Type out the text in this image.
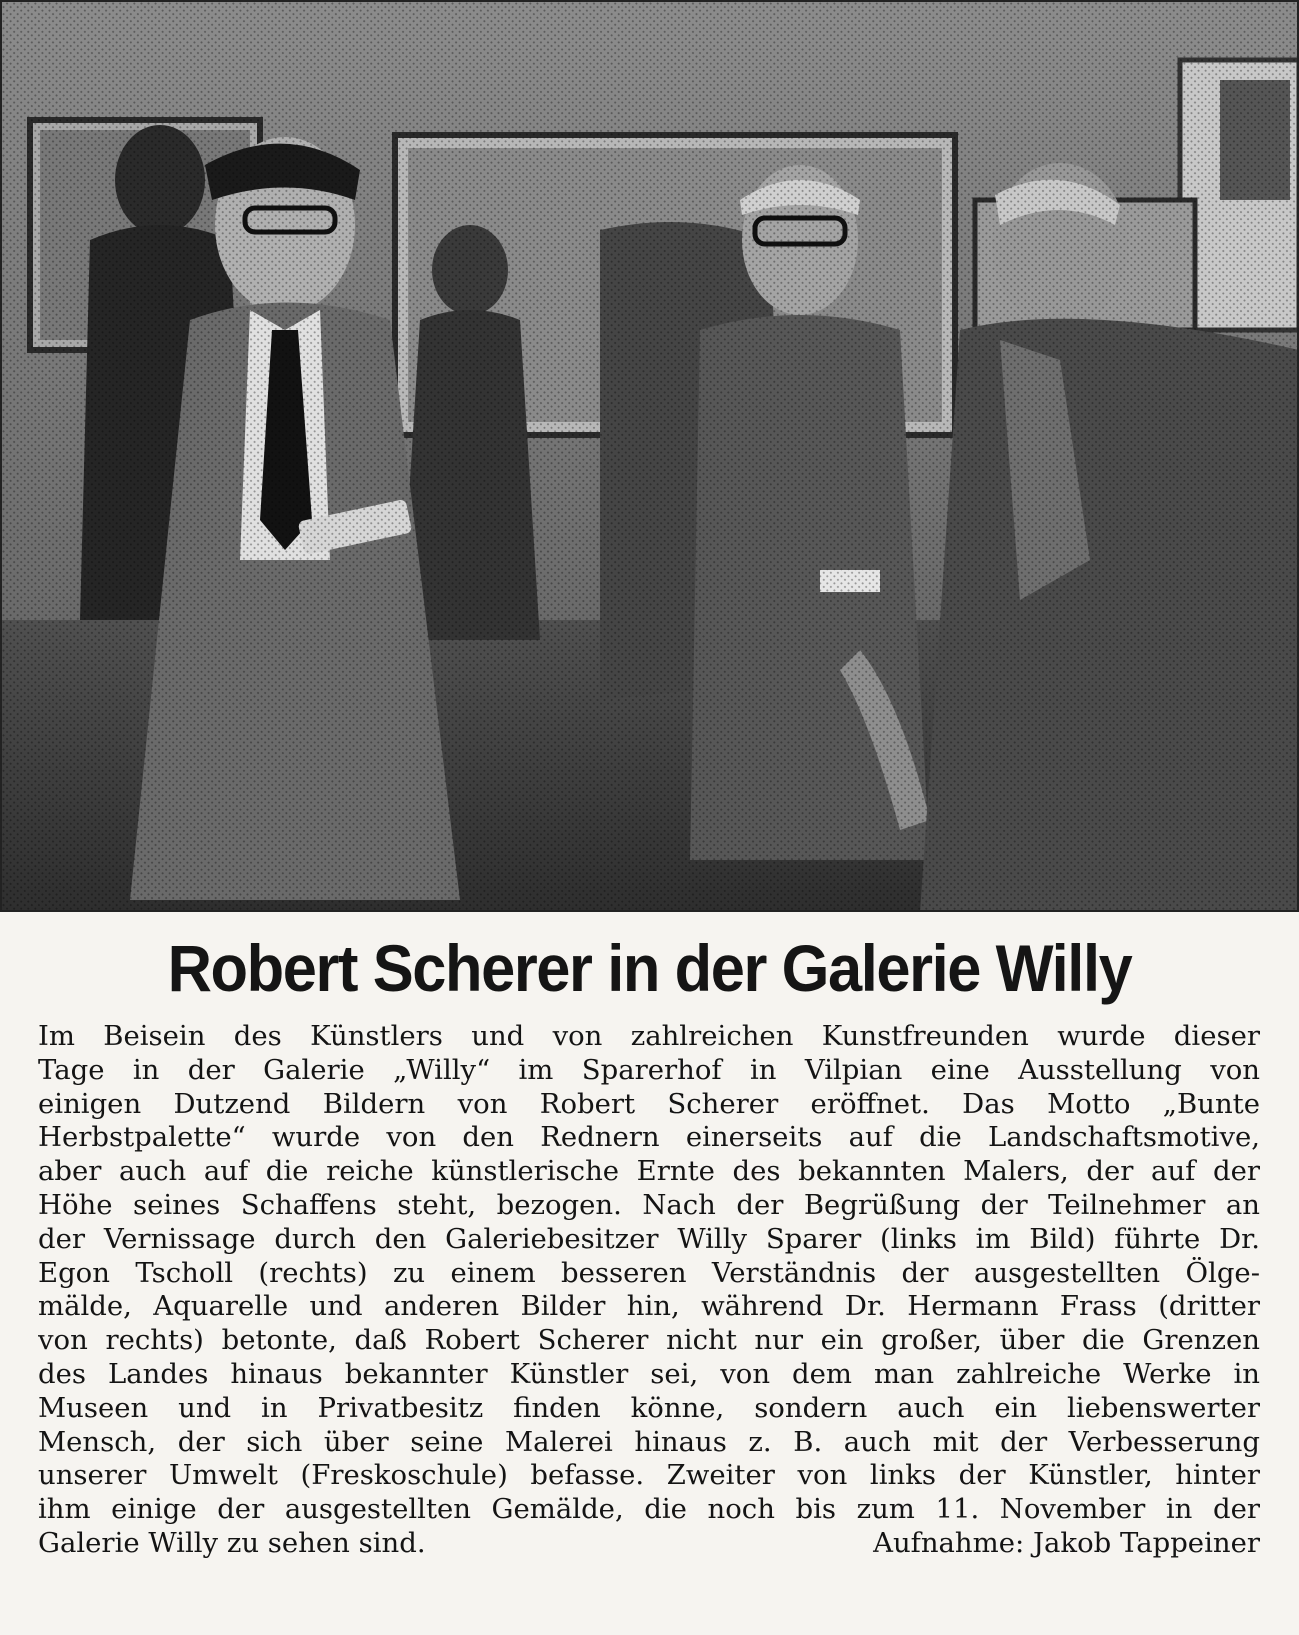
Robert Scherer in der Galerie Willy
Im Beisein des Künstlers und von zahlreichen Kunstfreunden wurde dieser
Tage in der Galerie „Willy“ im Sparerhof in Vilpian eine Ausstellung von
einigen Dutzend Bildern von Robert Scherer eröffnet. Das Motto „Bunte
Herbstpalette“ wurde von den Rednern einerseits auf die Landschaftsmotive,
aber auch auf die reiche künstlerische Ernte des bekannten Malers, der auf der
Höhe seines Schaffens steht, bezogen. Nach der Begrüßung der Teilnehmer an
der Vernissage durch den Galeriebesitzer Willy Sparer (links im Bild) führte Dr.
Egon Tscholl (rechts) zu einem besseren Verständnis der ausgestellten Ölge-
mälde, Aquarelle und anderen Bilder hin, während Dr. Hermann Frass (dritter
von rechts) betonte, daß Robert Scherer nicht nur ein großer, über die Grenzen
des Landes hinaus bekannter Künstler sei, von dem man zahlreiche Werke in
Museen und in Privatbesitz finden könne, sondern auch ein liebenswerter
Mensch, der sich über seine Malerei hinaus z. B. auch mit der Verbesserung
unserer Umwelt (Freskoschule) befasse. Zweiter von links der Künstler, hinter
ihm einige der ausgestellten Gemälde, die noch bis zum 11. November in der
Galerie Willy zu sehen sind.	Aufnahme: Jakob Tappeiner
